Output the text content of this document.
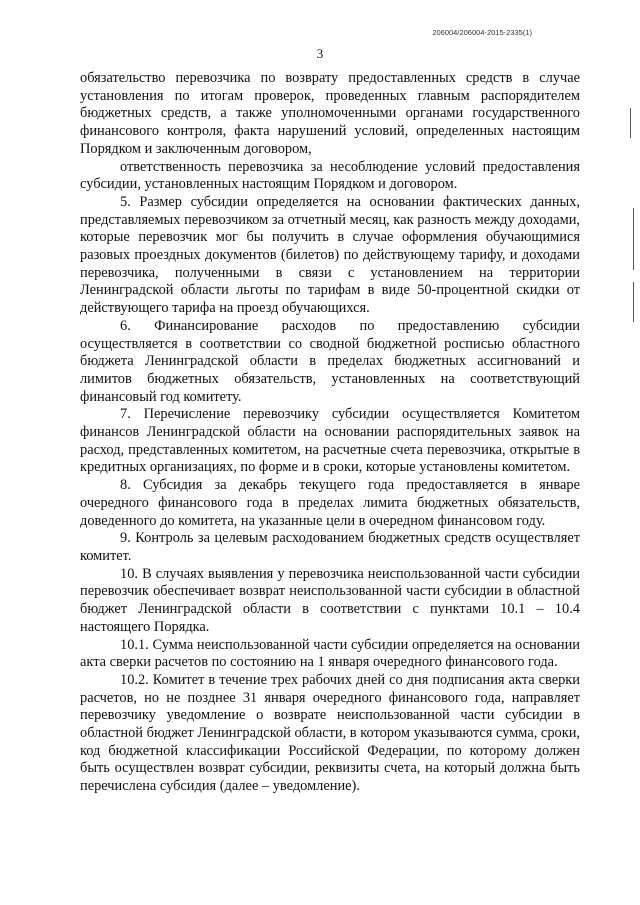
206004/206004-2015-2335(1)
3

обязательство перевозчика по возврату предоставленных средств в случае установления по итогам проверок, проведенных главным распорядителем бюджетных средств, а также уполномоченными органами государственного финансового контроля, факта нарушений условий, определенных настоящим Порядком и заключенным договором,

ответственность перевозчика за несоблюдение условий предоставления субсидии, установленных настоящим Порядком и договором.

5. Размер субсидии определяется на основании фактических данных, представляемых перевозчиком за отчетный месяц, как разность между доходами, которые перевозчик мог бы получить в случае оформления обучающимися разовых проездных документов (билетов) по действующему тарифу, и доходами перевозчика, полученными в связи с установлением на территории Ленинградской области льготы по тарифам в виде 50-процентной скидки от действующего тарифа на проезд обучающихся.

6. Финансирование расходов по предоставлению субсидии осуществляется в соответствии со сводной бюджетной росписью областного бюджета Ленинградской области в пределах бюджетных ассигнований и лимитов бюджетных обязательств, установленных на соответствующий финансовый год комитету.

7. Перечисление перевозчику субсидии осуществляется Комитетом финансов Ленинградской области на основании распорядительных заявок на расход, представленных комитетом, на расчетные счета перевозчика, открытые в кредитных организациях, по форме и в сроки, которые установлены комитетом.

8. Субсидия за декабрь текущего года предоставляется в январе очередного финансового года в пределах лимита бюджетных обязательств, доведенного до комитета, на указанные цели в очередном финансовом году.

9. Контроль за целевым расходованием бюджетных средств осуществляет комитет.

10. В случаях выявления у перевозчика неиспользованной части субсидии перевозчик обеспечивает возврат неиспользованной части субсидии в областной бюджет Ленинградской области в соответствии с пунктами 10.1 – 10.4 настоящего Порядка.

10.1. Сумма неиспользованной части субсидии определяется на основании акта сверки расчетов по состоянию на 1 января очередного финансового года.

10.2. Комитет в течение трех рабочих дней со дня подписания акта сверки расчетов, но не позднее 31 января очередного финансового года, направляет перевозчику уведомление о возврате неиспользованной части субсидии в областной бюджет Ленинградской области, в котором указываются сумма, сроки, код бюджетной классификации Российской Федерации, по которому должен быть осуществлен возврат субсидии, реквизиты счета, на который должна быть перечислена субсидия (далее – уведомление).
